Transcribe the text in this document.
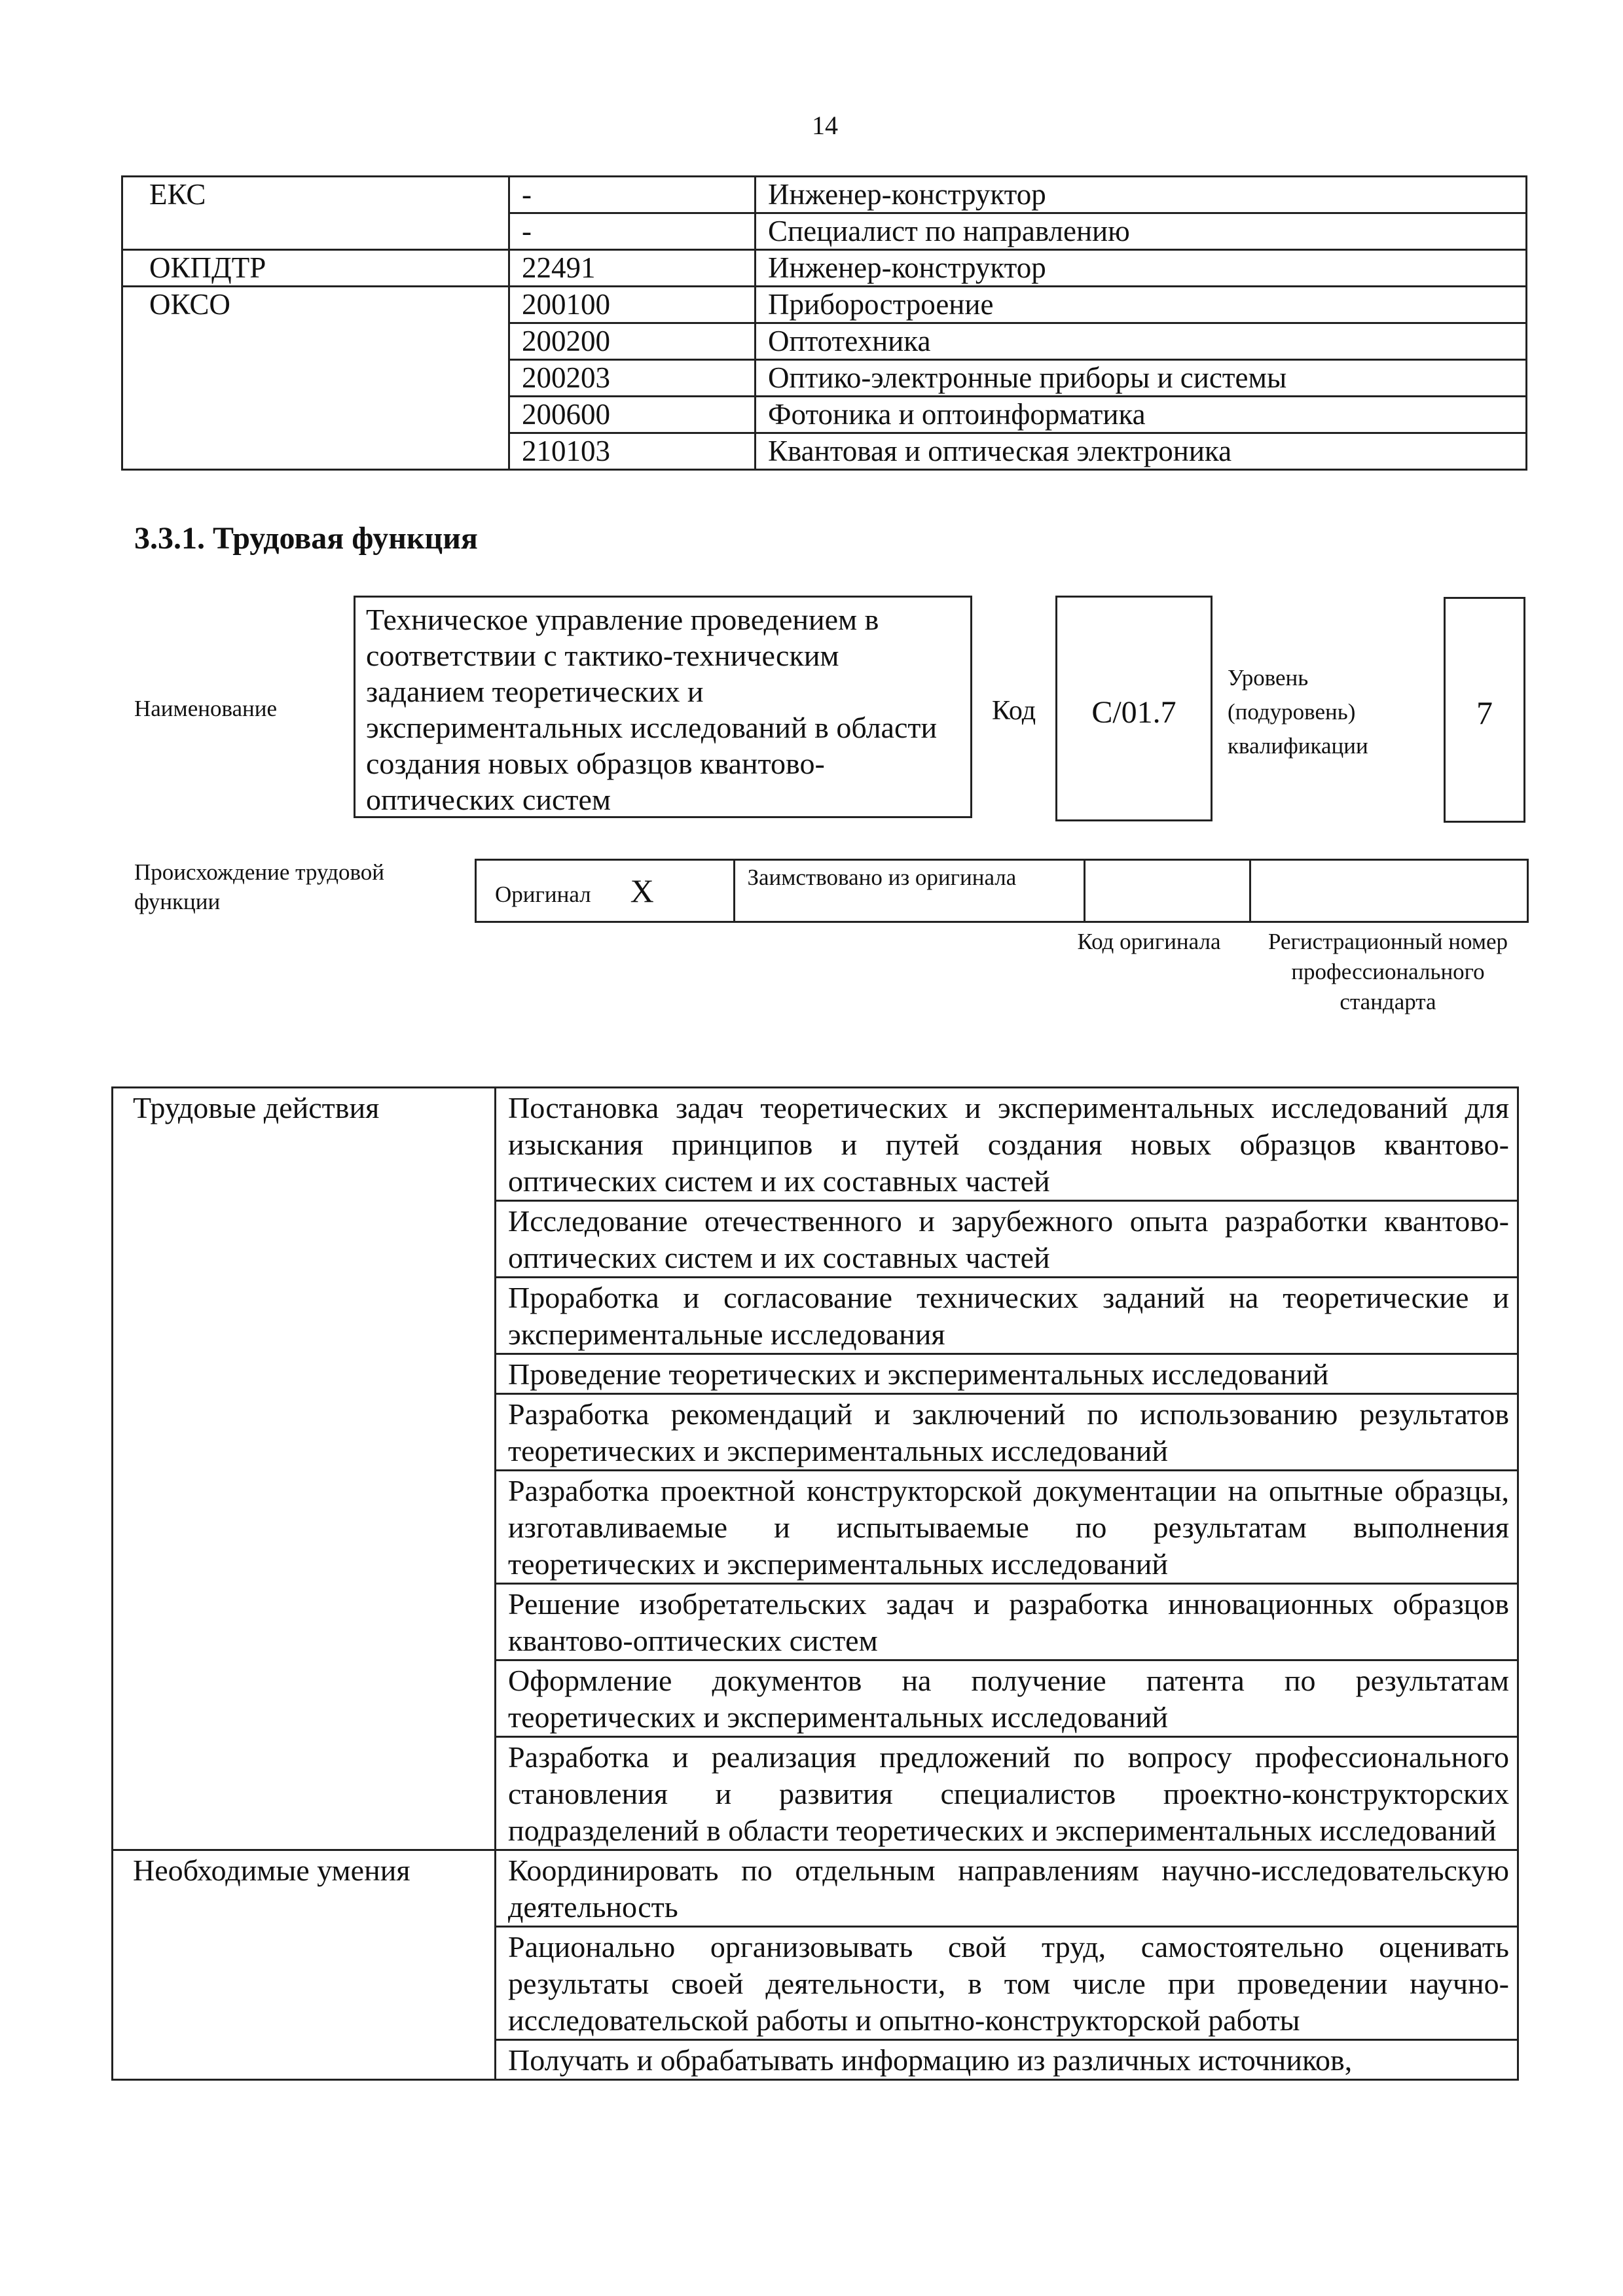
14
ЕКС	-	Инженер-конструктор
	-	Специалист по направлению
ОКПДТР	22491	Инженер-конструктор
ОКСО	200100	Приборостроение
	200200	Оптотехника
	200203	Оптико-электронные приборы и системы
	200600	Фотоника и оптоинформатика
	210103	Квантовая и оптическая электроника
3.3.1. Трудовая функция
Наименование
Техническое управление проведением в соответствии с тактико-техническим заданием теоретических и экспериментальных исследований в области создания новых образцов квантово-оптических систем
Код	C/01.7
Уровень (подуровень) квалификации
7
Происхождение трудовой функции	Оригинал X	Заимствовано из оригинала		
Код оригинала	Регистрационный номер профессионального стандарта
Трудовые действия	Постановка задач теоретических и экспериментальных исследований для изыскания принципов и путей создания новых образцов квантово-оптических систем и их составных частей
	Исследование отечественного и зарубежного опыта разработки квантово-оптических систем и их составных частей
	Проработка и согласование технических заданий на теоретические и экспериментальные исследования
	Проведение теоретических и экспериментальных исследований
	Разработка рекомендаций и заключений по использованию результатов теоретических и экспериментальных исследований
	Разработка проектной конструкторской документации на опытные образцы, изготавливаемые и испытываемые по результатам выполнения теоретических и экспериментальных исследований
	Решение изобретательских задач и разработка инновационных образцов квантово-оптических систем
	Оформление документов на получение патента по результатам теоретических и экспериментальных исследований
	Разработка и реализация предложений по вопросу профессионального становления и развития специалистов проектно-конструкторских подразделений в области теоретических и экспериментальных исследований
Необходимые умения	Координировать по отдельным направлениям научно-исследовательскую деятельность
	Рационально организовывать свой труд, самостоятельно оценивать результаты своей деятельности, в том числе при проведении научно-исследовательской работы и опытно-конструкторской работы
	Получать и обрабатывать информацию из различных источников,
